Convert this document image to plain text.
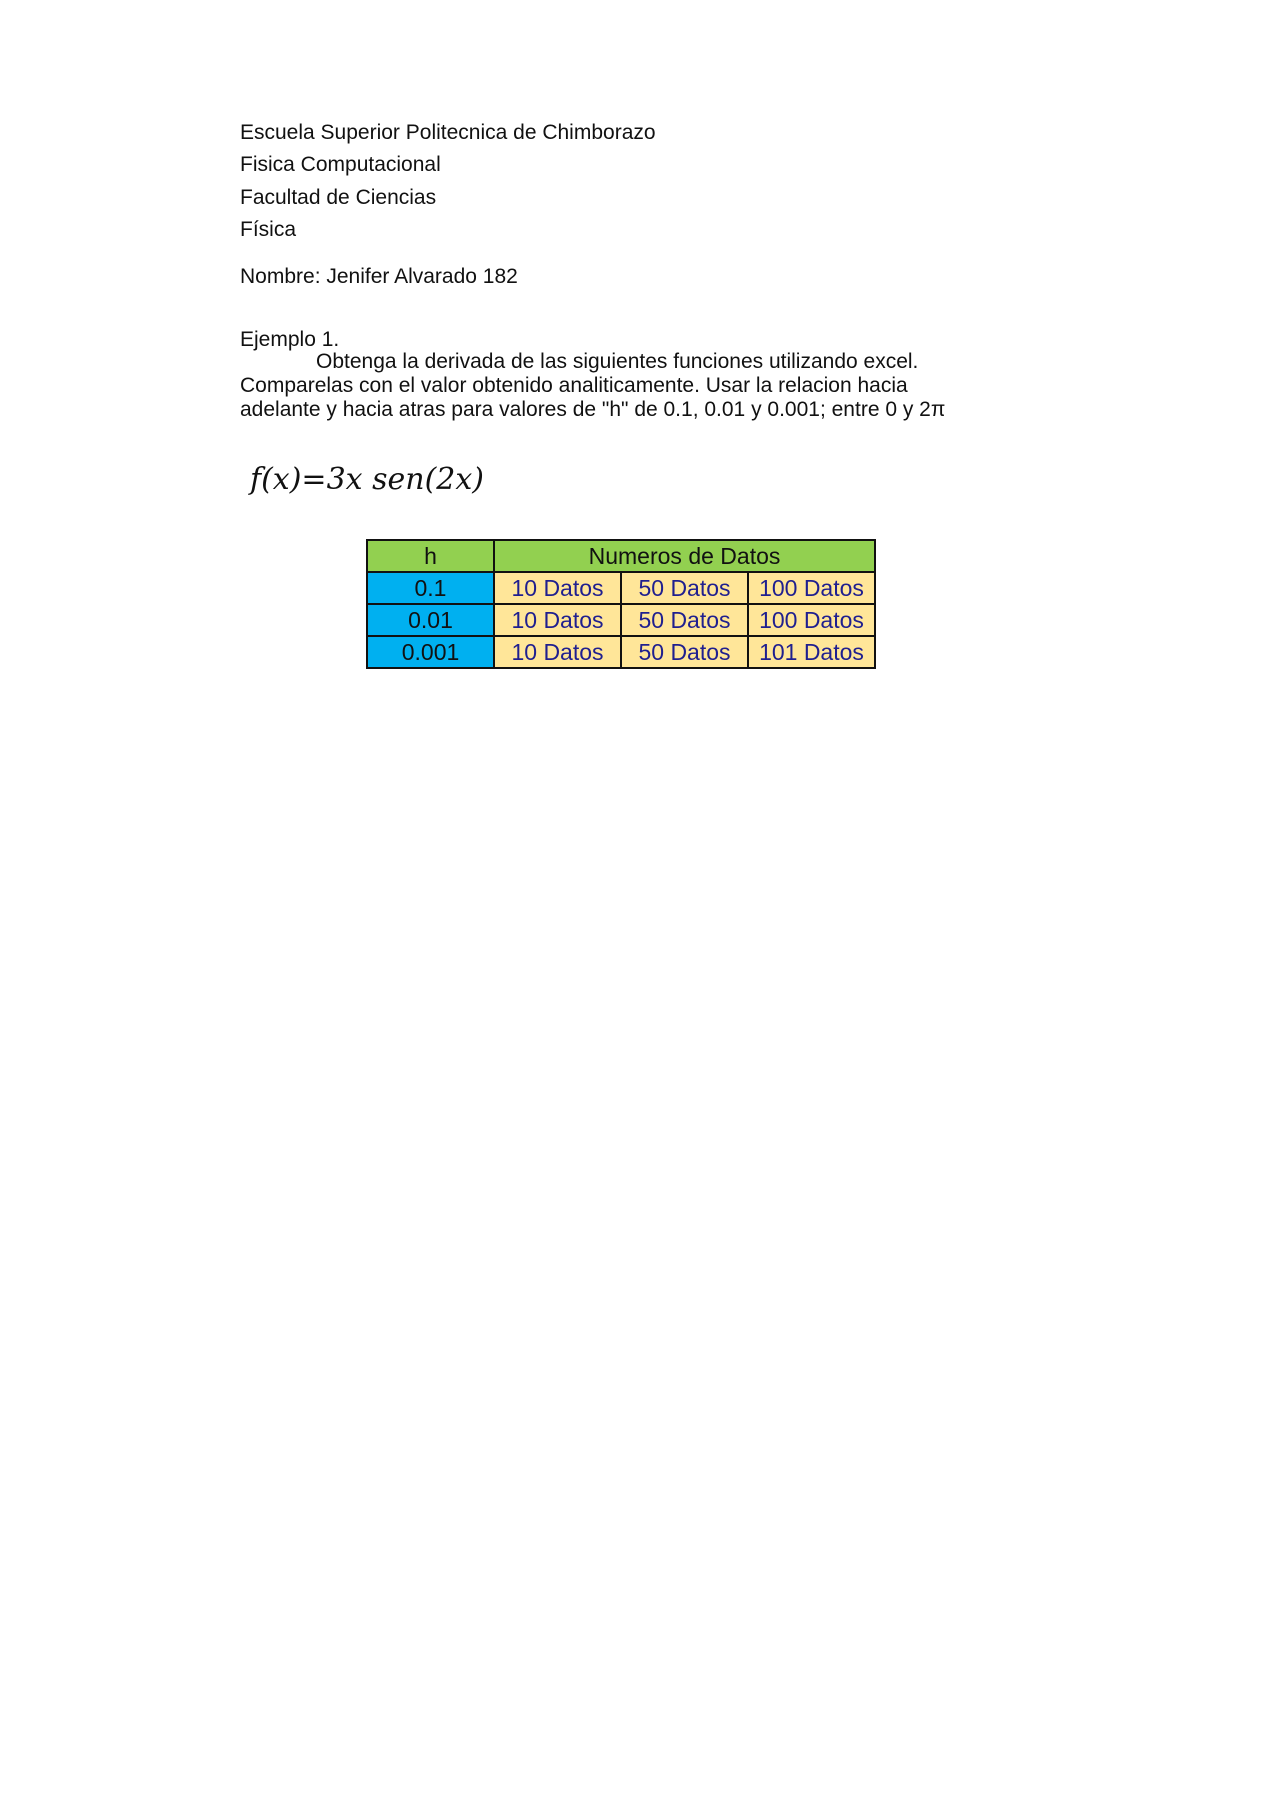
Escuela Superior Politecnica de Chimborazo
Fisica Computacional
Facultad de Ciencias
Física
Nombre: Jenifer Alvarado 182
Ejemplo 1.
Obtenga la derivada de las siguientes funciones utilizando excel.
Comparelas con el valor obtenido analiticamente. Usar la relacion hacia
adelante y hacia atras para valores de "h" de 0.1, 0.01 y 0.001; entre 0 y 2π
f(x)=3x sen(2x)
h	Numeros de Datos		
0.1	10 Datos	50 Datos	100 Datos
0.01	10 Datos	50 Datos	100 Datos
0.001	10 Datos	50 Datos	101 Datos
